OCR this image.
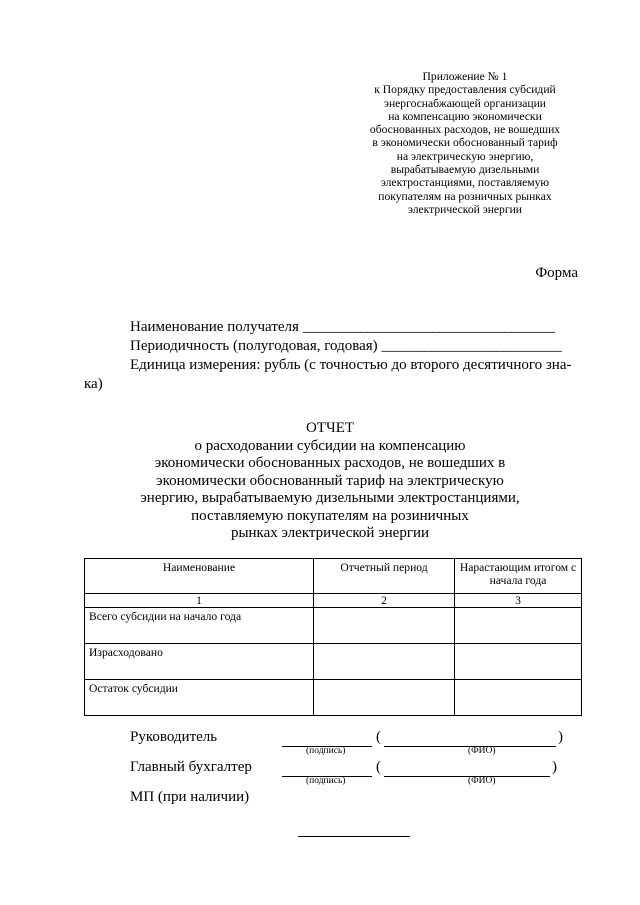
Приложение № 1
к Порядку предоставления субсидий
энергоснабжающей организации
на компенсацию экономически
обоснованных расходов, не вошедших
в экономически обоснованный тариф
на электрическую энергию,
вырабатываемую дизельными
электростанциями, поставляемую
покупателям на розничных рынках
электрической энергии
Форма
Наименование получателя ___________________________________
Периодичность (полугодовая, годовая) _________________________
Единица измерения: рубль (с точностью до второго десятичного зна-
ка)
ОТЧЕТ
о расходовании субсидии на компенсацию
экономически обоснованных расходов, не вошедших в
экономически обоснованный тариф на электрическую
энергию, вырабатываемую дизельными электростанциями,
поставляемую покупателям на розиничных
рынках электрической энергии
Наименование	Отчетный период	Нарастающим итогом с начала года
1	2	3
Всего субсидии на начало года		
Израсходовано		
Остаток субсидии		
Руководитель	(	)
(подпись)	(ФИО)
Главный бухгалтер	(	)
(подпись)	(ФИО)
МП (при наличии)
